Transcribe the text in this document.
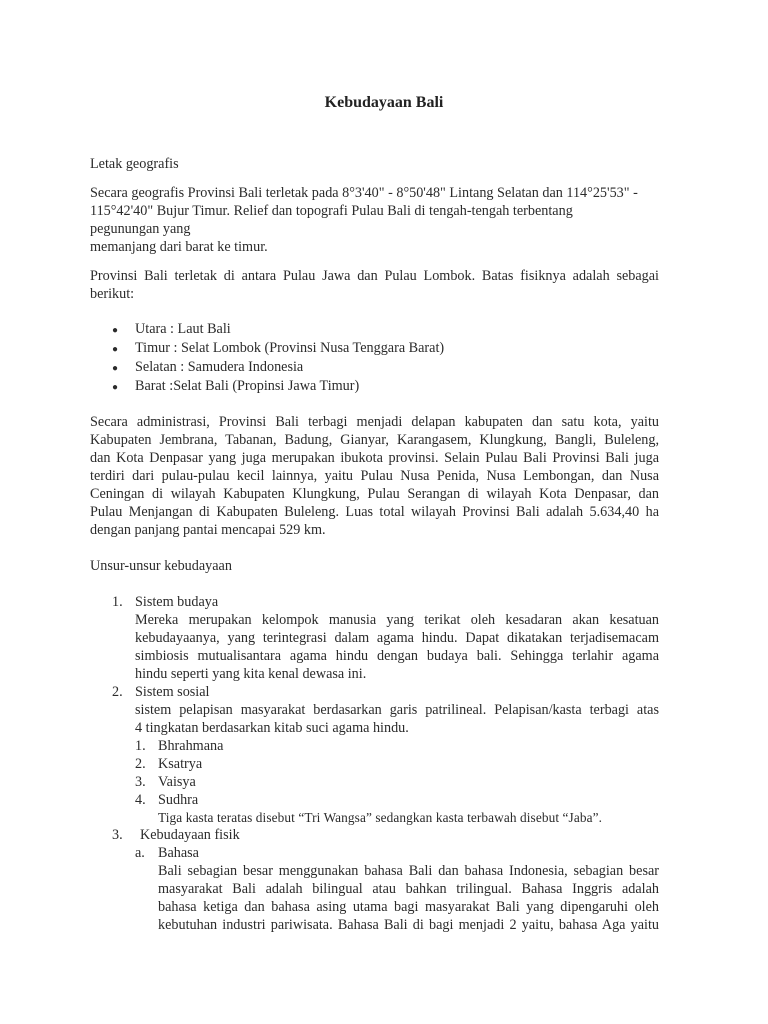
Kebudayaan Bali
Letak geografis
Secara geografis Provinsi Bali terletak pada 8°3'40" - 8°50'48" Lintang Selatan dan 114°25'53" -
115°42'40" Bujur Timur. Relief dan topografi Pulau Bali di tengah-tengah terbentang
pegunungan yang
memanjang dari barat ke timur.
Provinsi Bali terletak di antara Pulau Jawa dan Pulau Lombok. Batas fisiknya adalah sebagai
berikut:
● Utara : Laut Bali
● Timur : Selat Lombok (Provinsi Nusa Tenggara Barat)
● Selatan : Samudera Indonesia
● Barat :Selat Bali (Propinsi Jawa Timur)
Secara administrasi, Provinsi Bali terbagi menjadi delapan kabupaten dan satu kota, yaitu
Kabupaten Jembrana, Tabanan, Badung, Gianyar, Karangasem, Klungkung, Bangli, Buleleng,
dan Kota Denpasar yang juga merupakan ibukota provinsi. Selain Pulau Bali Provinsi Bali juga
terdiri dari pulau-pulau kecil lainnya, yaitu Pulau Nusa Penida, Nusa Lembongan, dan Nusa
Ceningan di wilayah Kabupaten Klungkung, Pulau Serangan di wilayah Kota Denpasar, dan
Pulau Menjangan di Kabupaten Buleleng. Luas total wilayah Provinsi Bali adalah 5.634,40 ha
dengan panjang pantai mencapai 529 km.
Unsur-unsur kebudayaan
1. Sistem budaya
Mereka merupakan kelompok manusia yang terikat oleh kesadaran akan kesatuan
kebudayaanya, yang terintegrasi dalam agama hindu. Dapat dikatakan terjadisemacam
simbiosis mutualisantara agama hindu dengan budaya bali. Sehingga terlahir agama
hindu seperti yang kita kenal dewasa ini.
2. Sistem sosial
sistem pelapisan masyarakat berdasarkan garis patrilineal. Pelapisan/kasta terbagi atas
4 tingkatan berdasarkan kitab suci agama hindu.
1. Bhrahmana
2. Ksatrya
3. Vaisya
4. Sudhra
Tiga kasta teratas disebut “Tri Wangsa” sedangkan kasta terbawah disebut “Jaba”.
3. Kebudayaan fisik
a. Bahasa
Bali sebagian besar menggunakan bahasa Bali dan bahasa Indonesia, sebagian besar
masyarakat Bali adalah bilingual atau bahkan trilingual. Bahasa Inggris adalah
bahasa ketiga dan bahasa asing utama bagi masyarakat Bali yang dipengaruhi oleh
kebutuhan industri pariwisata. Bahasa Bali di bagi menjadi 2 yaitu, bahasa Aga yaitu
